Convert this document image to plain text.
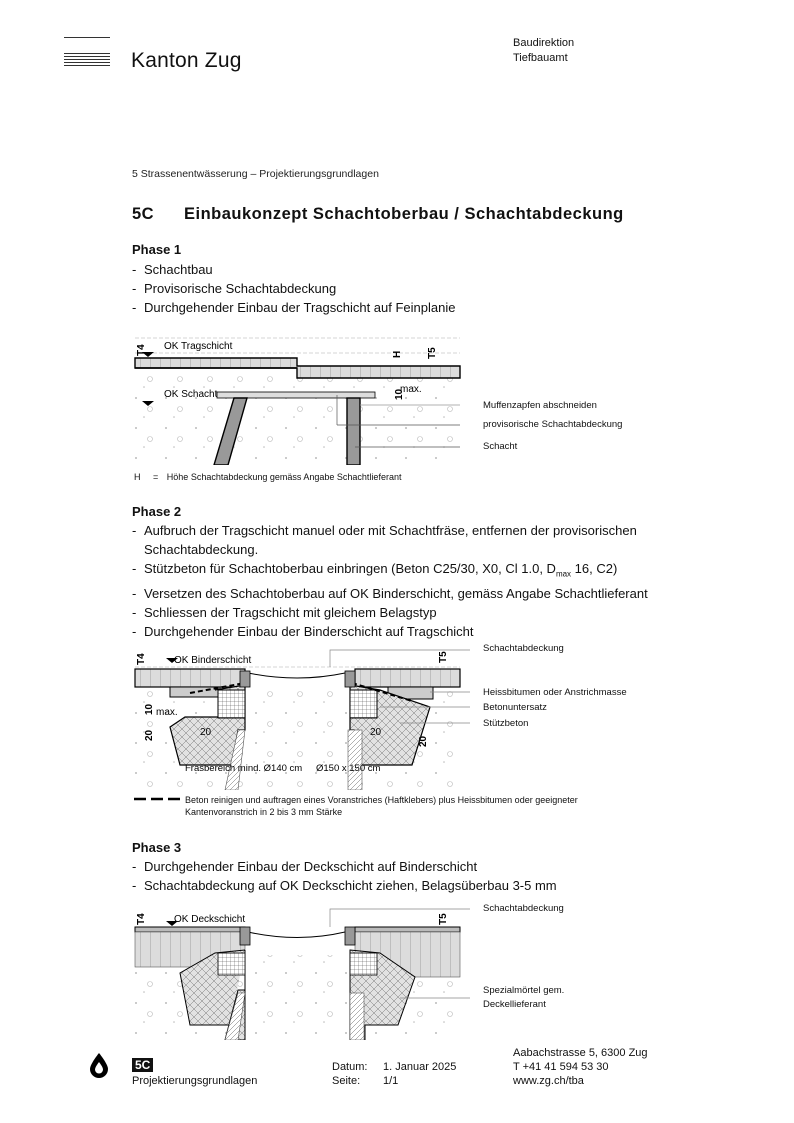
Kanton Zug
Baudirektion
Tiefbauamt
5 Strassenentwässerung – Projektierungsgrundlagen
5C Einbaukonzept Schachtoberbau / Schachtabdeckung
Phase 1
- Schachtbau
- Provisorische Schachtabdeckung
- Durchgehender Einbau der Tragschicht auf Feinplanie
OK Tragschicht
T4
OK Schacht
H T5
10
max.
Muffenzapfen abschneiden
provisorische Schachtabdeckung
Schacht
H = Höhe Schachtabdeckung gemäss Angabe Schachtlieferant
Phase 2
- Aufbruch der Tragschicht manuel oder mit Schachtfräse, entfernen der provisorischen
Schachtabdeckung.
- Stützbeton für Schachtoberbau einbringen (Beton C25/30, X0, Cl 1.0, $D_{max}$ 16, C2)
- Versetzen des Schachtoberbau auf OK Binderschicht, gemäss Angabe Schachtlieferant
- Schliessen der Tragschicht mit gleichem Belagstyp
- Durchgehender Einbau der Binderschicht auf Tragschicht
OK Binderschicht
T4	T5
10 max.
20
20
20	20
Fräsbereich mind. Ø140 cm Ø150 x 150 cm
Schachtabdeckung
Heissbitumen oder Anstrichmasse
Betonuntersatz
Stützbeton
Beton reinigen und auftragen eines Voranstriches (Haftklebers) plus Heissbitumen oder geeigneter
Kantenvoranstrich in 2 bis 3 mm Stärke
Phase 3
- Durchgehender Einbau der Deckschicht auf Binderschicht
- Schachtabdeckung auf OK Deckschicht ziehen, Belagsüberbau 3-5 mm
OK Deckschicht
T4	T5
Schachtabdeckung
Spezialmörtel gem.
Deckellieferant
5C
Projektierungsgrundlagen
Datum: 1. Januar 2025
Seite: 1/1
Aabachstrasse 5, 6300 Zug
T +41 41 594 53 30
www.zg.ch/tba
